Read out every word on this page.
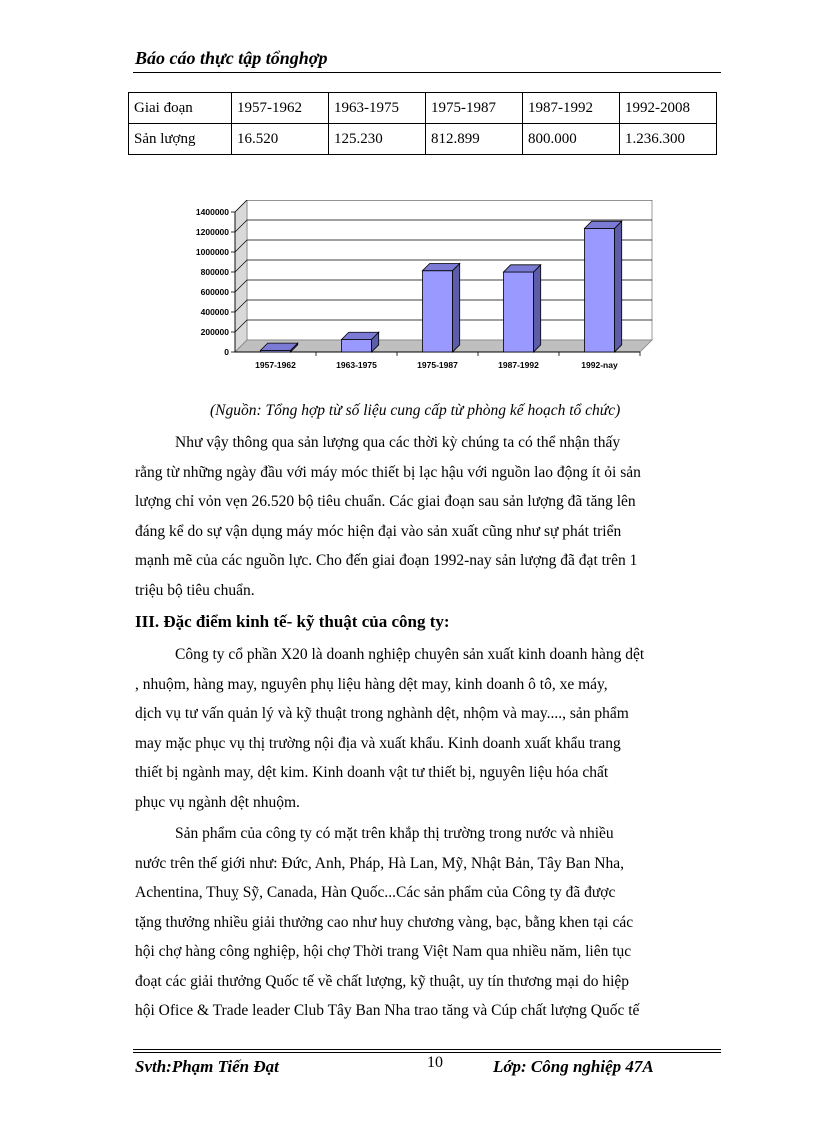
Báo cáo thực tập tổnghợp
Giai đoạn	1957-1962	1963-1975	1975-1987	1987-1992	1992-2008
Sản lượng	16.520	125.230	812.899	800.000	1.236.300
0
200000
400000
600000
800000
1000000
1200000
1400000
1957-1962	1963-1975	1975-1987	1987-1992	1992-nay
(Nguồn: Tổng hợp từ số liệu cung cấp từ phòng kế hoạch tổ chức)
Như vậy thông qua sản lượng qua các thời kỳ chúng ta có thể nhận thấy
rằng từ những ngày đầu với máy móc thiết bị lạc hậu với nguồn lao động ít ỏi sản
lượng chỉ vỏn vẹn 26.520 bộ tiêu chuẩn. Các giai đoạn sau sản lượng đã tăng lên
đáng kể do sự vận dụng máy móc hiện đại vào sản xuất cũng như sự phát triển
mạnh mẽ của các nguồn lực. Cho đến giai đoạn 1992-nay sản lượng đã đạt trên 1
triệu bộ tiêu chuẩn.
III. Đặc điểm kinh tế- kỹ thuật của công ty:
Công ty cổ phần X20 là doanh nghiệp chuyên sản xuất kinh doanh hàng dệt
, nhuộm, hàng may, nguyên phụ liệu hàng dệt may, kinh doanh ô tô, xe máy,
dịch vụ tư vấn quản lý và kỹ thuật trong nghành dệt, nhộm và may...., sản phẩm
may mặc phục vụ thị trường nội địa và xuất khẩu. Kinh doanh xuất khẩu trang
thiết bị ngành may, dệt kim. Kinh doanh vật tư thiết bị, nguyên liệu hóa chất
phục vụ ngành dệt nhuộm.
Sản phẩm của công ty có mặt trên khắp thị trường trong nước và nhiều
nước trên thế giới như: Đức, Anh, Pháp, Hà Lan, Mỹ, Nhật Bản, Tây Ban Nha,
Achentina, Thuỵ Sỹ, Canada, Hàn Quốc...Các sản phẩm của Công ty đã được
tặng thưởng nhiều giải thưởng cao như huy chương vàng, bạc, bằng khen tại các
hội chợ hàng công nghiệp, hội chợ Thời trang Việt Nam qua nhiều năm, liên tục
đoạt các giải thưởng Quốc tế về chất lượng, kỹ thuật, uy tín thương mại do hiệp
hội Ofice & Trade leader Club Tây Ban Nha trao tăng và Cúp chất lượng Quốc tế
Svth:Phạm Tiến Đạt	10	Lớp: Công nghiệp 47A
